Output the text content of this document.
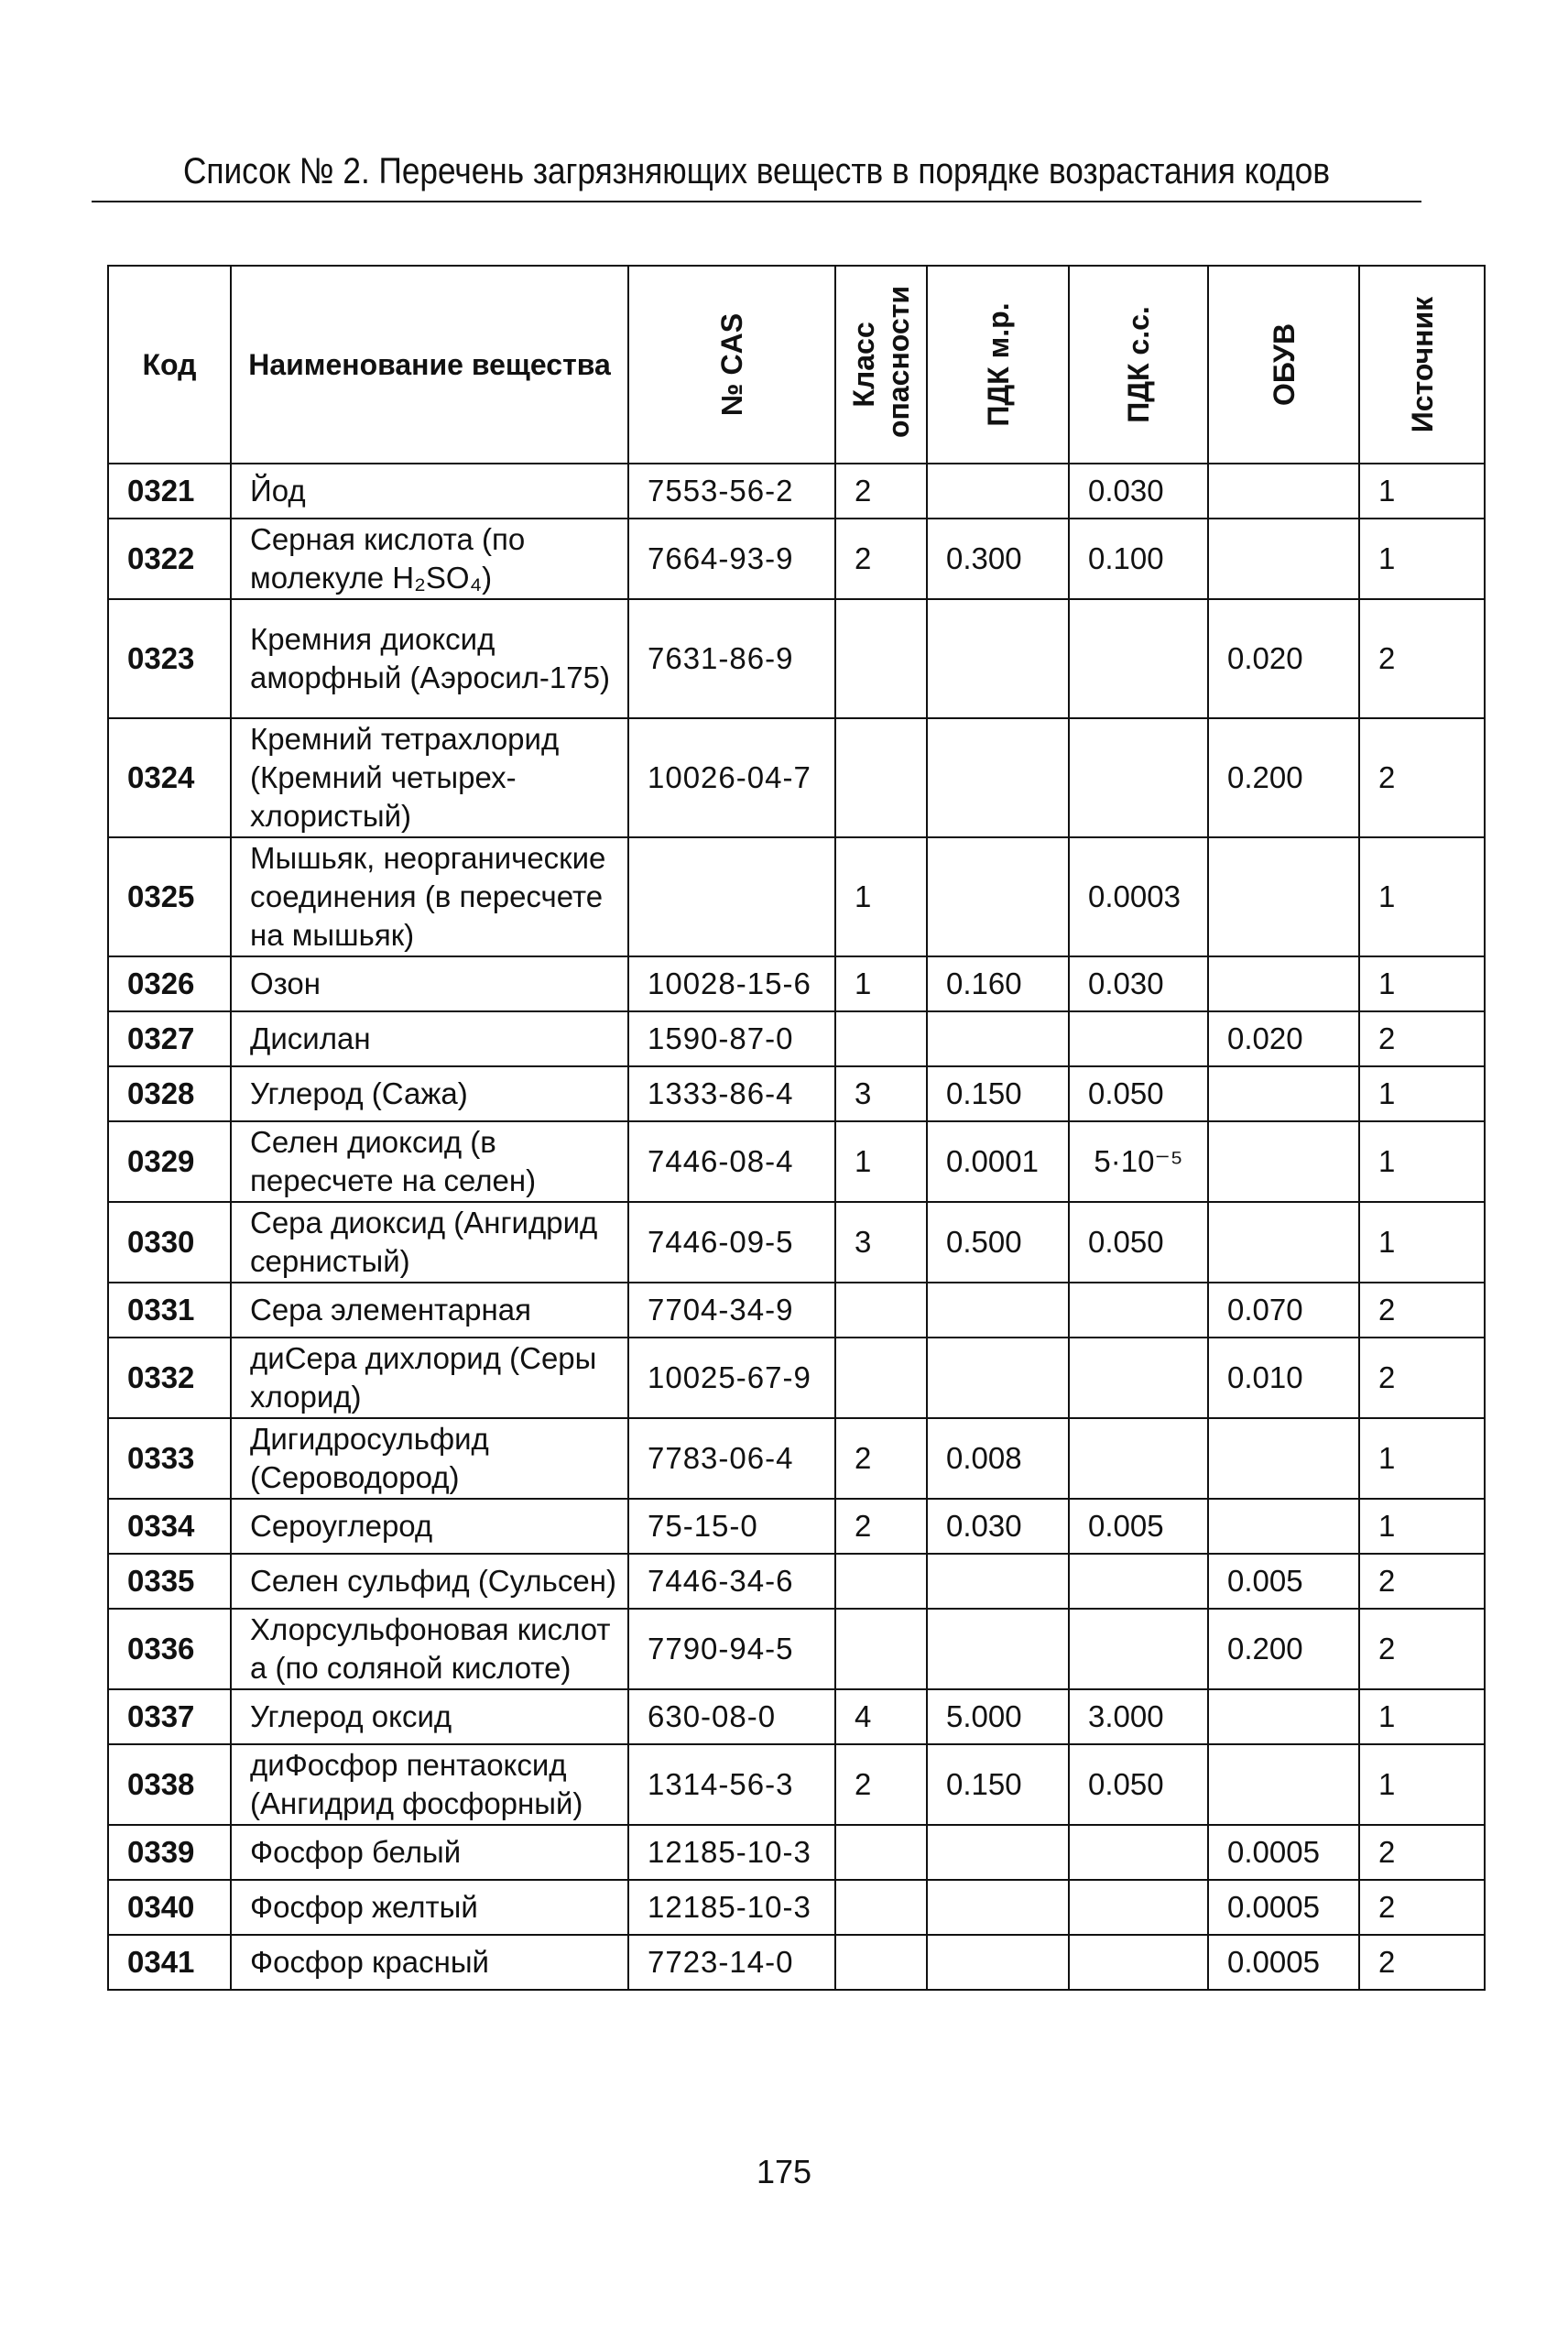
Список № 2. Перечень загрязняющих веществ в порядке возрастания кодов
Код	Наименование вещества	№ CAS	Класс опасности	ПДК м.р.	ПДК с.с.	ОБУВ	Источник

0321	Йод	7553-56-2	2		0.030		1
0322	Серная кислота (по молекуле H₂SO₄)	7664-93-9	2	0.300	0.100		1
0323	Кремния диоксид аморфный (Аэросил-175)	7631-86-9				0.020	2
0324	Кремний тетрахлорид (Кремний четырех-хлористый)	10026-04-7				0.200	2
0325	Мышьяк, неорганические соединения (в пересчете на мышьяк)		1		0.0003		1
0326	Озон	10028-15-6	1	0.160	0.030		1
0327	Дисилан	1590-87-0				0.020	2
0328	Углерод (Сажа)	1333-86-4	3	0.150	0.050		1
0329	Селен диоксид (в пересчете на селен)	7446-08-4	1	0.0001	5·10⁻⁵		1
0330	Сера диоксид (Ангидрид сернистый)	7446-09-5	3	0.500	0.050		1
0331	Сера элементарная	7704-34-9				0.070	2
0332	диСера дихлорид (Серы хлорид)	10025-67-9				0.010	2
0333	Дигидросульфид (Сероводород)	7783-06-4	2	0.008			1
0334	Сероуглерод	75-15-0	2	0.030	0.005		1
0335	Селен сульфид (Сульсен)	7446-34-6				0.005	2
0336	Хлорсульфоновая кислот а (по соляной кислоте)	7790-94-5				0.200	2
0337	Углерод оксид	630-08-0	4	5.000	3.000		1
0338	диФосфор пентаоксид (Ангидрид фосфорный)	1314-56-3	2	0.150	0.050		1
0339	Фосфор белый	12185-10-3				0.0005	2
0340	Фосфор желтый	12185-10-3				0.0005	2
0341	Фосфор красный	7723-14-0				0.0005	2
175
